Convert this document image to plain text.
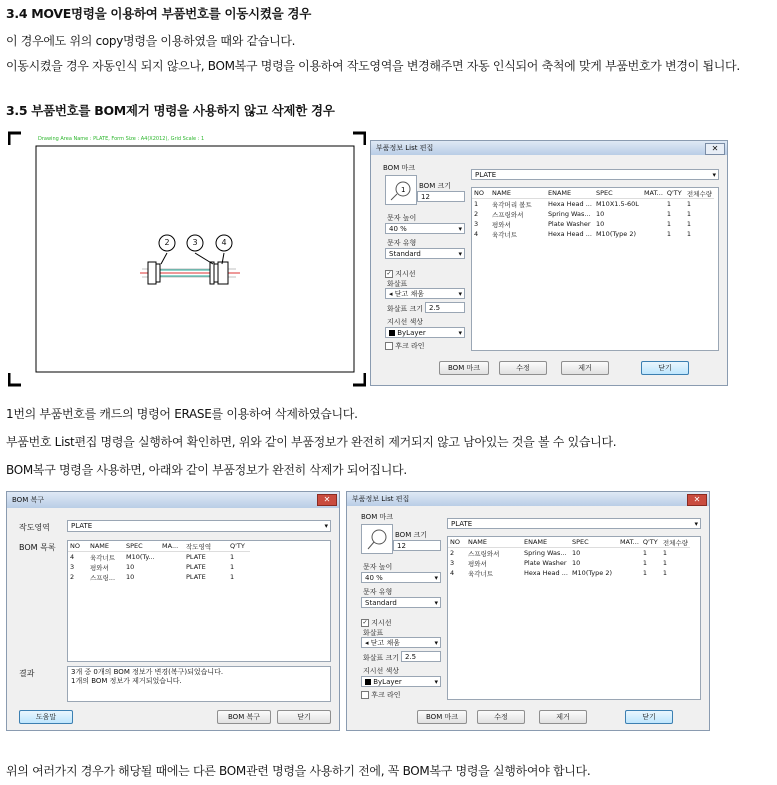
3.4 MOVE명령을 이용하여 부품번호를 이동시켰을 경우
이 경우에도 위의 copy명령을 이용하였을 때와 같습니다.
이동시켰을 경우 자동인식 되지 않으나, BOM복구 명령을 이용하여 작도영역을 변경해주면 자동 인식되어 축척에 맞게 부품번호가 변경이 됩니다.
3.5 부품번호를 BOM제거 명령을 사용하지 않고 삭제한 경우
Drawing Area Name : PLATE, Form Size : A4(X2012), Grid Scale : 1
2	3	4
부품정보 List 편집	✕
BOM 마크
1 BOM 크기
12
문자 높이
40 % ▾
문자 유형
Standard ▾
✓ 지시선
화살표
◂ 닫고 채움 ▾
화살표 크기 2.5
지시선 색상
ByLayer ▾
후크 라인
PLATE ▾
NO	NAME	ENAME	SPEC	MAT...	Q'TY	전체수량
1	육각머리 볼트	Hexa Head ...	M10X1.5-60L		1	1
2	스프링와셔	Spring Was...	10		1	1
3	평와셔	Plate Washer	10		1	1
4	육각너트	Hexa Head ...	M10(Type 2)		1	1
BOM 마크	수정	제거	닫기
1번의 부품번호를 캐드의 명령어 ERASE를 이용하여 삭제하였습니다.
부품번호 List편집 명령을 실행하여 확인하면, 위와 같이 부품정보가 완전히 제거되지 않고 남아있는 것을 볼 수 있습니다.
BOM복구 명령을 사용하면, 아래와 같이 부품정보가 완전히 삭제가 되어집니다.
BOM 복구	✕
작도영역	PLATE ▾
BOM 목록 NO	NAME	SPEC	MA...	작도영역	Q'TY
4	육각너트	M10(Ty...		PLATE	1
3	평와셔	10		PLATE	1
2	스프링...	10		PLATE	1
결과	3개 중 0개의 BOM 정보가 변경(복구)되었습니다.
1개의 BOM 정보가 제거되었습니다.
도움말	BOM 복구	닫기
부품정보 List 편집	✕
BOM 마크
BOM 크기
12
문자 높이
40 % ▾
문자 유형
Standard ▾
✓ 지시선
화살표
◂ 닫고 채움 ▾
화살표 크기 2.5
지시선 색상
ByLayer ▾
후크 라인
PLATE ▾
NO	NAME	ENAME	SPEC	MAT...	Q'TY	전체수량
2	스프링와셔	Spring Was...	10		1	1
3	평와셔	Plate Washer	10		1	1
4	육각너트	Hexa Head ...	M10(Type 2)		1	1
BOM 마크	수정	제거	닫기
위의 여러가지 경우가 해당될 때에는 다른 BOM관련 명령을 사용하기 전에, 꼭 BOM복구 명령을 실행하여야 합니다.
